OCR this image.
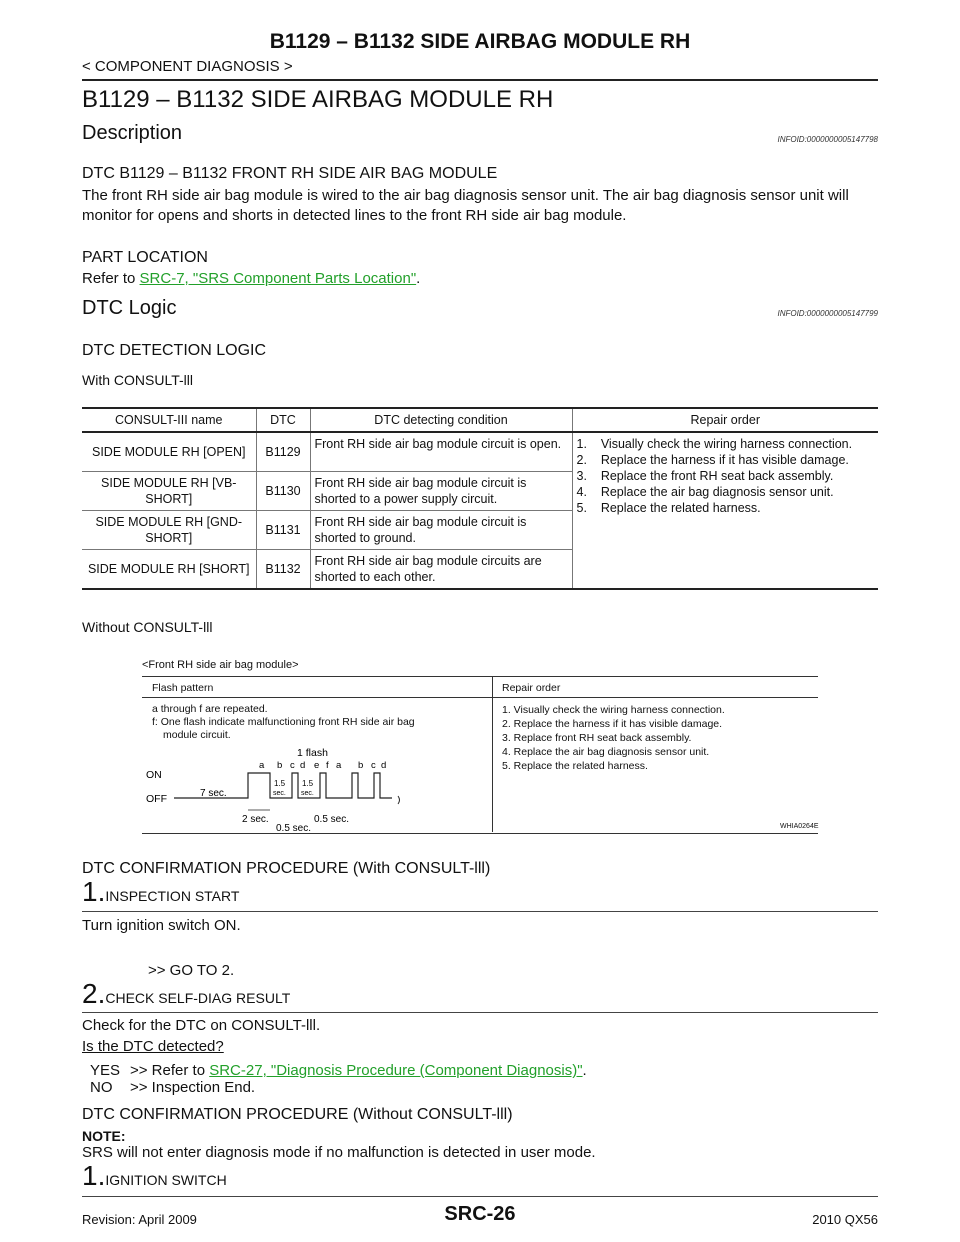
B1129 – B1132 SIDE AIRBAG MODULE RH
< COMPONENT DIAGNOSIS >
B1129 – B1132 SIDE AIRBAG MODULE RH
Description	INFOID:0000000005147798
DTC B1129 – B1132 FRONT RH SIDE AIR BAG MODULE
The front RH side air bag module is wired to the air bag diagnosis sensor unit. The air bag diagnosis sensor unit will monitor for opens and shorts in detected lines to the front RH side air bag module.
PART LOCATION
Refer to SRC-7, "SRS Component Parts Location".
DTC Logic	INFOID:0000000005147799
DTC DETECTION LOGIC
With CONSULT-lll
CONSULT-III name	DTC	DTC detecting condition	Repair order
SIDE MODULE RH [OPEN]	B1129	Front RH side air bag module circuit is open.	1.    Visually check the wiring harness connection.
2.    Replace the harness if it has visible damage.
3.    Replace the front RH seat back assembly.
4.    Replace the air bag diagnosis sensor unit.
5.    Replace the related harness.

SIDE MODULE RH [VB-SHORT]	B1130	Front RH side air bag module circuit is shorted to a power supply circuit.	
SIDE MODULE RH [GND-SHORT]	B1131	Front RH side air bag module circuit is shorted to ground.	
SIDE MODULE RH [SHORT]	B1132	Front RH side air bag module circuits are shorted to each other.	
Without CONSULT-lll
<Front RH side air bag module>
Flash pattern	Repair order
a through f are repeated.
f: One flash indicate malfunctioning front RH side air bag
module circuit.
1. Visually check the wiring harness connection.
2. Replace the harness if it has visible damage.
3. Replace front RH seat back assembly.
4. Replace the air bag diagnosis sensor unit.
5. Replace the related harness.
1 flash
a b c d e f a b c d
ON
OFF	7 sec.
1.5
sec.
1.5
sec.
2 sec.
0.5 sec.
0.5 sec.
WHIA0264E
DTC CONFIRMATION PROCEDURE (With CONSULT-lll)
1.INSPECTION START
Turn ignition switch ON.
>> GO TO 2.
2.CHECK SELF-DIAG RESULT
Check for the DTC on CONSULT-lll.
Is the DTC detected?
YES >> Refer to SRC-27, "Diagnosis Procedure (Component Diagnosis)".
NO >> Inspection End.
DTC CONFIRMATION PROCEDURE (Without CONSULT-lll)
NOTE:
SRS will not enter diagnosis mode if no malfunction is detected in user mode.
1.IGNITION SWITCH
Revision: April 2009	SRC-26	2010 QX56
